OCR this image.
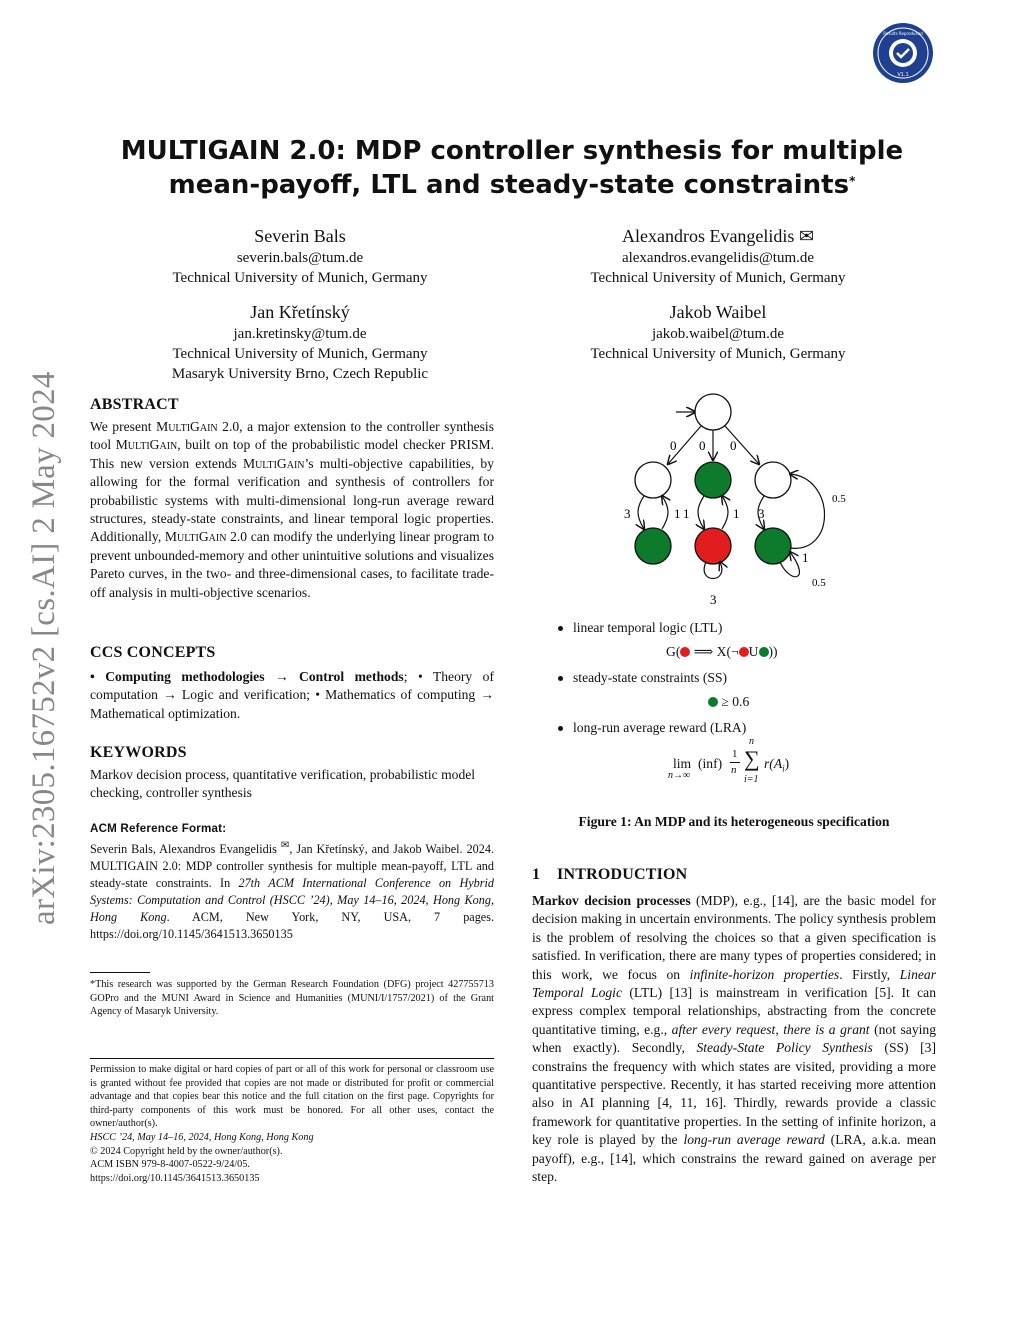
arXiv:2305.16752v2 [cs.AI] 2 May 2024
V1.1
Results Reproduced
MULTIGAIN 2.0: MDP controller synthesis for multiple
mean-payoff, LTL and steady-state constraints*
Severin Bals
severin.bals@tum.de
Technical University of Munich, Germany
Alexandros Evangelidis ✉
alexandros.evangelidis@tum.de
Technical University of Munich, Germany
Jan Křetínský
jan.kretinsky@tum.de
Technical University of Munich, Germany
Masaryk University Brno, Czech Republic
Jakob Waibel
jakob.waibel@tum.de
Technical University of Munich, Germany
ABSTRACT
We present MultiGain 2.0, a major extension to the controller synthesis tool MultiGain, built on top of the probabilistic model checker PRISM. This new version extends MultiGain’s multi-objective capabilities, by allowing for the formal verification and synthesis of controllers for probabilistic systems with multi-dimensional long-run average reward structures, steady-state constraints, and linear temporal logic properties. Additionally, MultiGain 2.0 can modify the underlying linear program to prevent unbounded-memory and other unintuitive solutions and visualizes Pareto curves, in the two- and three-dimensional cases, to facilitate trade-off analysis in multi-objective scenarios.
CCS CONCEPTS
• Computing methodologies → Control methods; • Theory of computation → Logic and verification; • Mathematics of computing → Mathematical optimization.
KEYWORDS
Markov decision process, quantitative verification, probabilistic model checking, controller synthesis
ACM Reference Format:
Severin Bals, Alexandros Evangelidis ✉, Jan Křetínský, and Jakob Waibel. 2024. MULTIGAIN 2.0: MDP controller synthesis for multiple mean-payoff, LTL and steady-state constraints. In 27th ACM International Conference on Hybrid Systems: Computation and Control (HSCC ’24), May 14–16, 2024, Hong Kong, Hong Kong. ACM, New York, NY, USA, 7 pages. https://doi.org/10.1145/3641513.3650135
*This research was supported by the German Research Foundation (DFG) project 427755713 GOPro and the MUNI Award in Science and Humanities (MUNI/I/1757/2021) of the Grant Agency of Masaryk University.
Permission to make digital or hard copies of part or all of this work for personal or classroom use is granted without fee provided that copies are not made or distributed for profit or commercial advantage and that copies bear this notice and the full citation on the first page. Copyrights for third-party components of this work must be honored. For all other uses, contact the owner/author(s).
HSCC ’24, May 14–16, 2024, Hong Kong, Hong Kong
© 2024 Copyright held by the owner/author(s).
ACM ISBN 979-8-4007-0522-9/24/05.
https://doi.org/10.1145/3641513.3650135
0 0 0
3	1 1	1
3
3
0.5
1
0.5
linear temporal logic (LTL)
G( ⟹ X(¬ U ))
steady-state constraints (SS)
≥ 0.6
long-run average reward (LRA)
lim
n→∞
(inf)
1
n
n
∑
i=1
$r(A_i)$
Figure 1: An MDP and its heterogeneous specification
1 INTRODUCTION
Markov decision processes (MDP), e.g., [14], are the basic model for decision making in uncertain environments. The policy synthesis problem is the problem of resolving the choices so that a given specification is satisfied. In verification, there are many types of properties considered; in this work, we focus on infinite-horizon properties. Firstly, Linear Temporal Logic (LTL) [13] is mainstream in verification [5]. It can express complex temporal relationships, abstracting from the concrete quantitative timing, e.g., after every request, there is a grant (not saying when exactly). Secondly, Steady-State Policy Synthesis (SS) [3] constrains the frequency with which states are visited, providing a more quantitative perspective. Recently, it has started receiving more attention also in AI planning [4, 11, 16]. Thirdly, rewards provide a classic framework for quantitative properties. In the setting of infinite horizon, a key role is played by the long-run average reward (LRA, a.k.a. mean payoff), e.g., [14], which constrains the reward gained on average per step.
